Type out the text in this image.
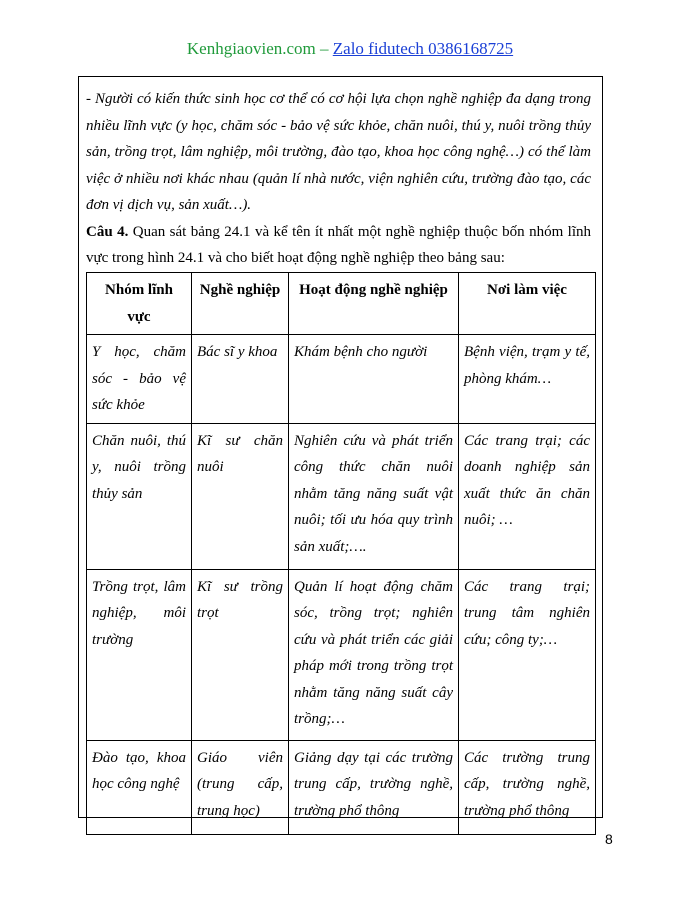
Kenhgiaovien.com – Zalo fidutech 0386168725
- Người có kiến thức sinh học cơ thể có cơ hội lựa chọn nghề nghiệp đa dạng trong nhiều lĩnh vực (y học, chăm sóc - bảo vệ sức khỏe, chăn nuôi, thú y, nuôi trồng thủy sản, trồng trọt, lâm nghiệp, môi trường, đào tạo, khoa học công nghệ…) có thể làm việc ở nhiều nơi khác nhau (quản lí nhà nước, viện nghiên cứu, trường đào tạo, các đơn vị dịch vụ, sản xuất…).
Câu 4. Quan sát bảng 24.1 và kể tên ít nhất một nghề nghiệp thuộc bốn nhóm lĩnh vực trong hình 24.1 và cho biết hoạt động nghề nghiệp theo bảng sau:
Nhóm lĩnh vực	Nghề nghiệp	Hoạt động nghề nghiệp	Nơi làm việc
Y học, chăm sóc - bảo vệ sức khỏe	Bác sĩ y khoa	Khám bệnh cho người	Bệnh viện, trạm y tế, phòng khám…
Chăn nuôi, thú y, nuôi trồng thủy sản	Kĩ sư chăn nuôi	Nghiên cứu và phát triển công thức chăn nuôi nhằm tăng năng suất vật nuôi; tối ưu hóa quy trình sản xuất;….	Các trang trại; các doanh nghiệp sản xuất thức ăn chăn nuôi; …
Trồng trọt, lâm nghiệp, môi trường	Kĩ sư trồng trọt	Quản lí hoạt động chăm sóc, trồng trọt; nghiên cứu và phát triển các giải pháp mới trong trồng trọt nhằm tăng năng suất cây trồng;…	Các trang trại; trung tâm nghiên cứu; công ty;…
Đào tạo, khoa học công nghệ	Giáo viên (trung cấp, trung học)	Giảng dạy tại các trường trung cấp, trường nghề, trường phổ thông	Các trường trung cấp, trường nghề, trường phổ thông
8
